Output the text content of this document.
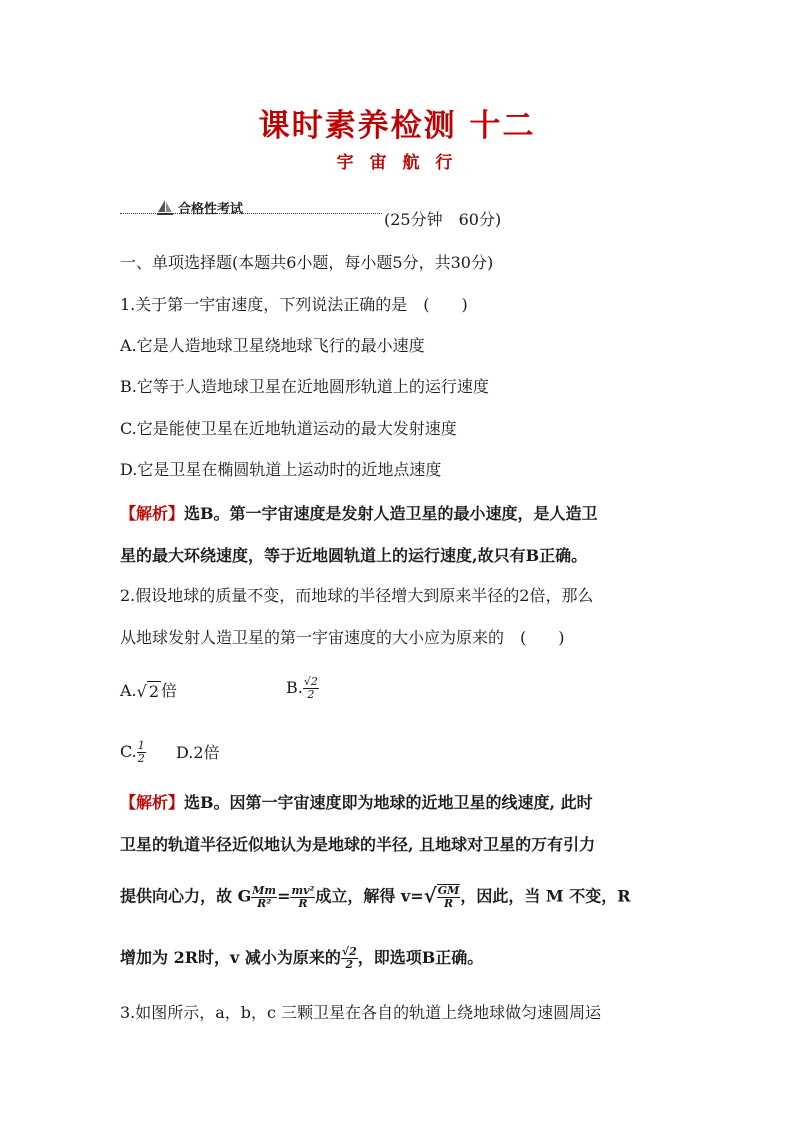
课时素养检测 十二
宇 宙 航 行
合格性考试
(25分钟　60分)
一、单项选择题(本题共6小题，每小题5分，共30分)
1.关于第一宇宙速度，下列说法正确的是　(　　)
A.它是人造地球卫星绕地球飞行的最小速度
B.它等于人造地球卫星在近地圆形轨道上的运行速度
C.它是能使卫星在近地轨道运动的最大发射速度
D.它是卫星在椭圆轨道上运动时的近地点速度
【解析】选B。第一宇宙速度是发射人造卫星的最小速度，是人造卫
星的最大环绕速度，等于近地圆轨道上的运行速度,故只有B正确。
2.假设地球的质量不变，而地球的半径增大到原来半径的2倍，那么
从地球发射人造卫星的第一宇宙速度的大小应为原来的　(　　)
A.√ 2 倍	B. $\frac{√2}{2}$
C. $\frac{1}{2} D.2$倍
【解析】选B。因第一宇宙速度即为地球的近地卫星的线速度, 此时
卫星的轨道半径近似地认为是地球的半径, 且地球对卫星的万有引力
提供向心力，故 G $\frac{Mm}{\text{R²}} = \frac{\text{mv²}}{R}$ 成立，解得 $v=√ \frac{GM}{R}$ ，因此，当 M 不变，R
增加为 2R时，v 减小为原来的 $\frac{√2}{2}$ ，即选项B正确。
3.如图所示，a，b，c 三颗卫星在各自的轨道上绕地球做匀速圆周运
